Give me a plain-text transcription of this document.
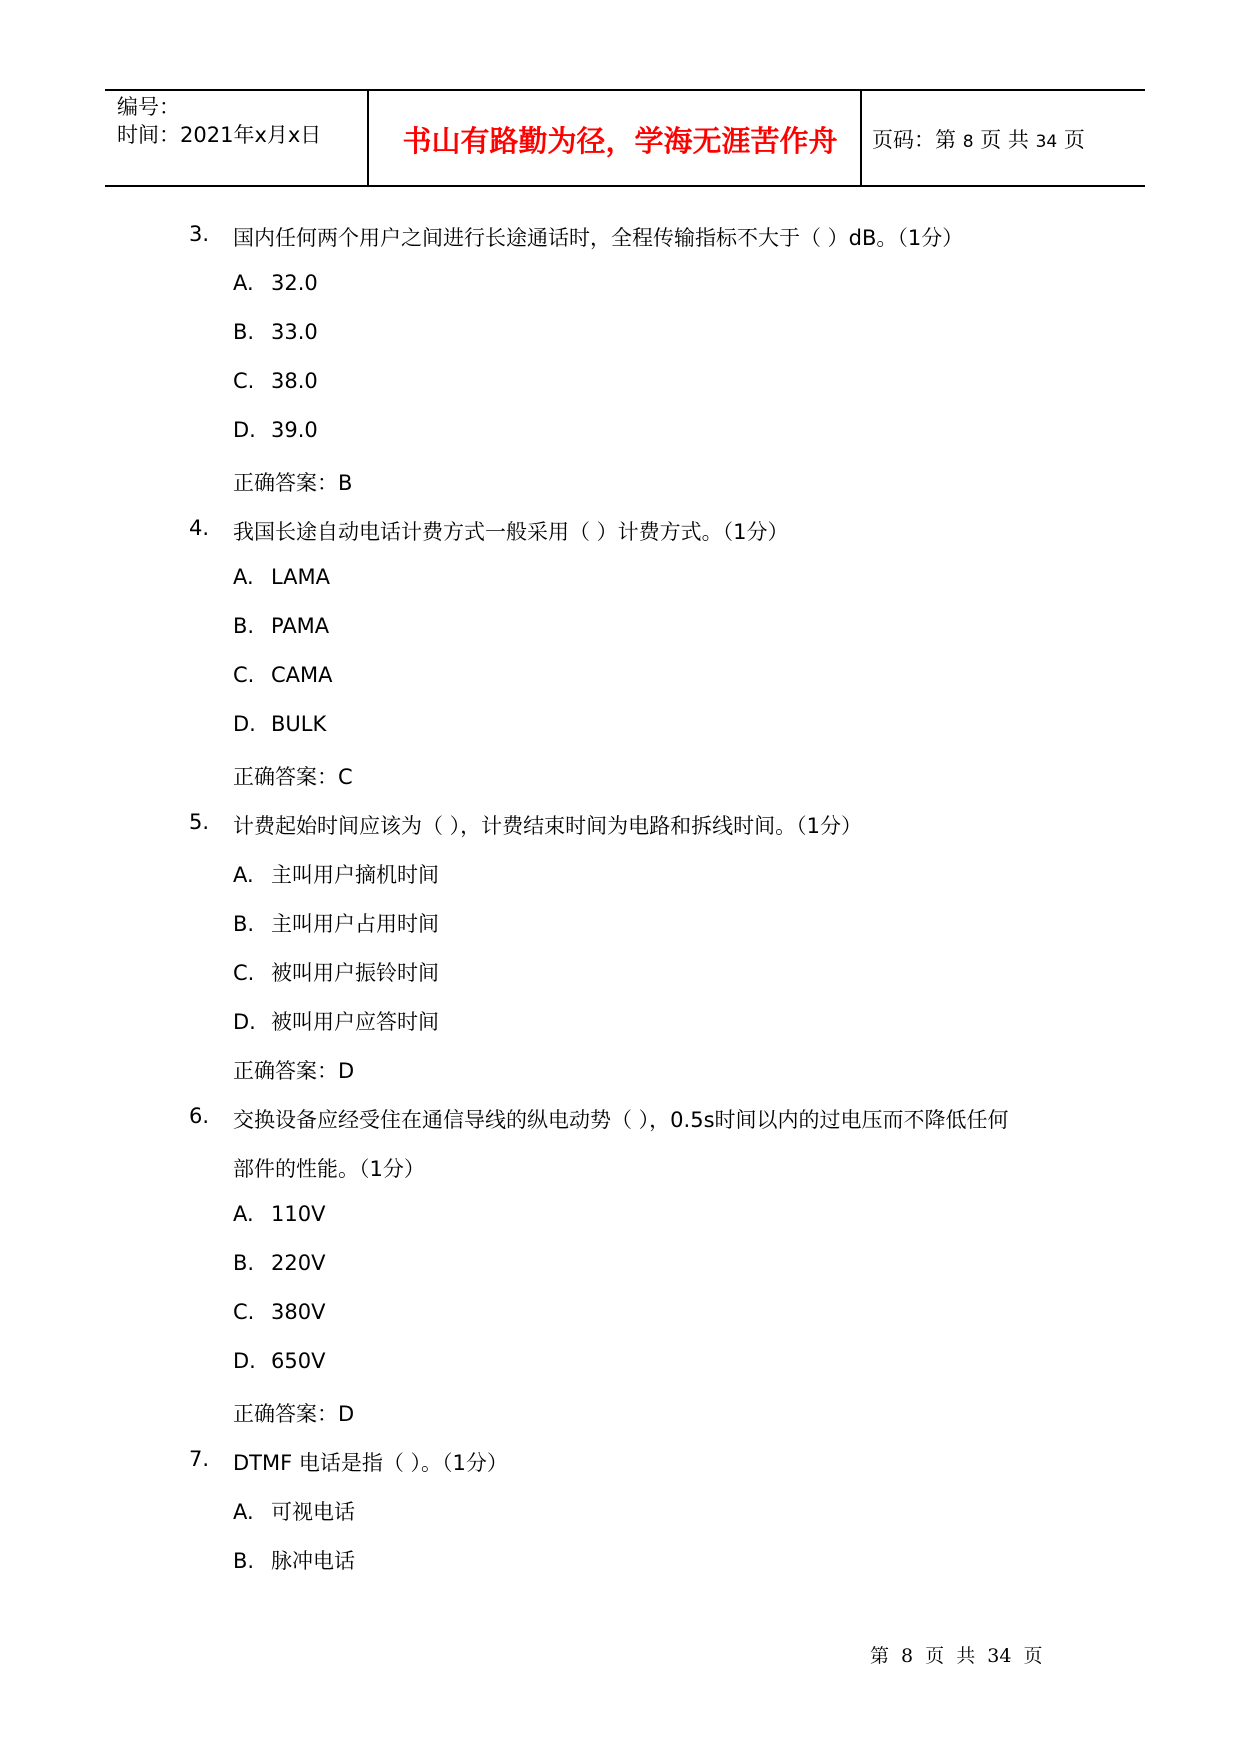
编号：
时间：2021年x月x日	书山有路勤为径，学海无涯苦作舟	页码：第 8 页 共 34 页
3.	国内任何两个用户之间进行长途通话时，全程传输指标不大于（ ）dB。（1分）
A. 32.0
B. 33.0
C. 38.0
D. 39.0
正确答案：B
4.	我国长途自动电话计费方式一般采用（ ）计费方式。（1分）
A. LAMA
B. PAMA
C. CAMA
D. BULK
正确答案：C
5.	计费起始时间应该为（ ），计费结束时间为电路和拆线时间。（1分）
A. 主叫用户摘机时间
B. 主叫用户占用时间
C. 被叫用户振铃时间
D. 被叫用户应答时间
正确答案：D
6.	交换设备应经受住在通信导线的纵电动势（ ），0.5s时间以内的过电压而不降低任何
部件的性能。（1分）
A. 110V
B. 220V
C. 380V
D. 650V
正确答案：D
7.	DTMF 电话是指（ ）。（1分）
A. 可视电话
B. 脉冲电话
第 8 页 共 34 页
